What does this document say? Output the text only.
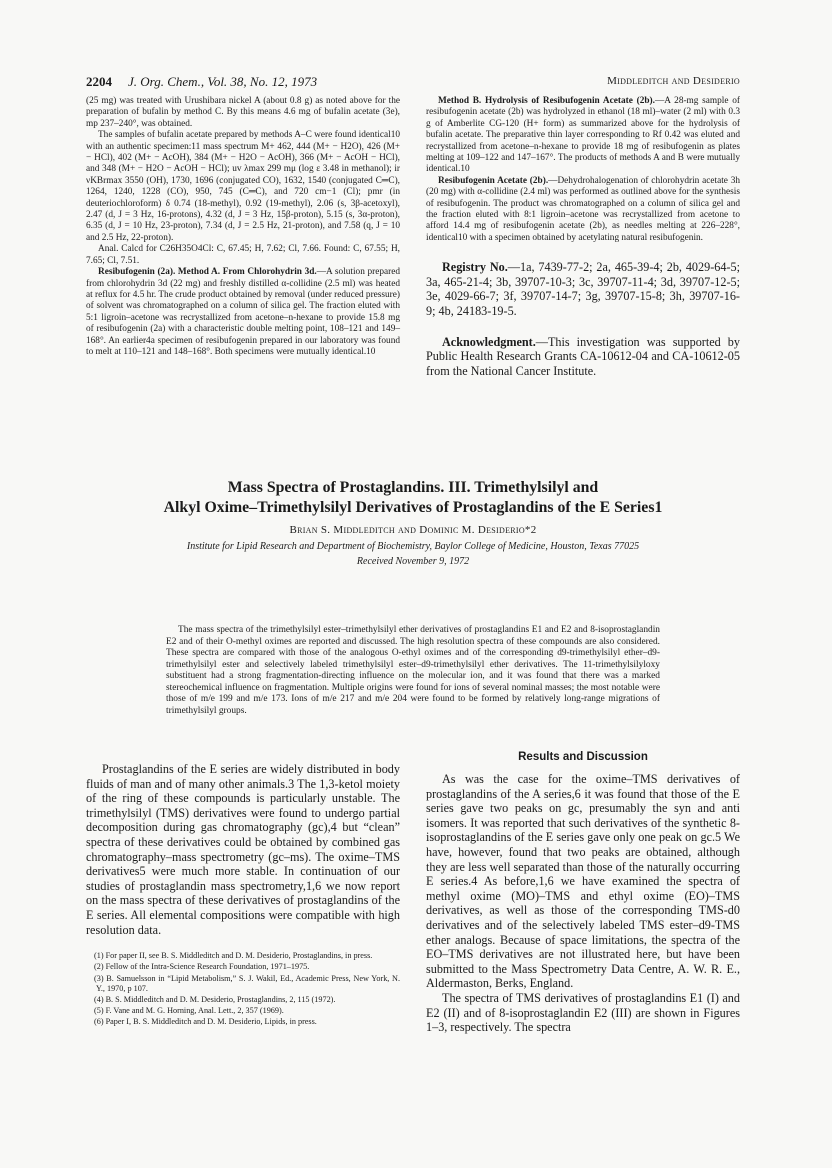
2204 J. Org. Chem., Vol. 38, No. 12, 1973	Middleditch and Desiderio

(25 mg) was treated with Urushibara nickel A (about 0.8 g) as noted above for the preparation of bufalin by method C. By this means 4.6 mg of bufalin acetate (3e), mp 237–240°, was obtained.

The samples of bufalin acetate prepared by methods A–C were found identical10 with an authentic specimen:11 mass spectrum M+ 462, 444 (M+ − H2O), 426 (M+ − HCl), 402 (M+ − AcOH), 384 (M+ − H2O − AcOH), 366 (M+ − AcOH − HCl), and 348 (M+ − H2O − AcOH − HCl); uv λmax 299 mμ (log ε 3.48 in methanol); ir νKBrmax 3550 (OH), 1730, 1696 (conjugated CO), 1632, 1540 (conjugated C═C), 1264, 1240, 1228 (CO), 950, 745 (C═C), and 720 cm−1 (Cl); pmr (in deuteriochloroform) δ 0.74 (18-methyl), 0.92 (19-methyl), 2.06 (s, 3β-acetoxyl), 2.47 (d, J = 3 Hz, 16-protons), 4.32 (d, J = 3 Hz, 15β-proton), 5.15 (s, 3α-proton), 6.35 (d, J = 10 Hz, 23-proton), 7.34 (d, J = 2.5 Hz, 21-proton), and 7.58 (q, J = 10 and 2.5 Hz, 22-proton).

Anal. Calcd for C26H35O4Cl: C, 67.45; H, 7.62; Cl, 7.66. Found: C, 67.55; H, 7.65; Cl, 7.51.

Resibufogenin (2a). Method A. From Chlorohydrin 3d.—A solution prepared from chlorohydrin 3d (22 mg) and freshly distilled α-collidine (2.5 ml) was heated at reflux for 4.5 hr. The crude product obtained by removal (under reduced pressure) of solvent was chromatographed on a column of silica gel. The fraction eluted with 5:1 ligroin–acetone was recrystallized from acetone–n-hexane to provide 15.8 mg of resibufogenin (2a) with a characteristic double melting point, 108–121 and 149–168°. An earlier4a specimen of resibufogenin prepared in our laboratory was found to melt at 110–121 and 148–168°. Both specimens were mutually identical.10

Method B. Hydrolysis of Resibufogenin Acetate (2b).—A 28-mg sample of resibufogenin acetate (2b) was hydrolyzed in ethanol (18 ml)–water (2 ml) with 0.3 g of Amberlite CG-120 (H+ form) as summarized above for the hydrolysis of bufalin acetate. The preparative thin layer corresponding to Rf 0.42 was eluted and recrystallized from acetone–n-hexane to provide 18 mg of resibufogenin as plates melting at 109–122 and 147–167°. The products of methods A and B were mutually identical.10

Resibufogenin Acetate (2b).—Dehydrohalogenation of chlorohydrin acetate 3h (20 mg) with α-collidine (2.4 ml) was performed as outlined above for the synthesis of resibufogenin. The product was chromatographed on a column of silica gel and the fraction eluted with 8:1 ligroin–acetone was recrystallized from acetone to afford 14.4 mg of resibufogenin acetate (2b), as needles melting at 226–228°, identical10 with a specimen obtained by acetylating natural resibufogenin.

Registry No.—1a, 7439-77-2; 2a, 465-39-4; 2b, 4029-64-5; 3a, 465-21-4; 3b, 39707-10-3; 3c, 39707-11-4; 3d, 39707-12-5; 3e, 4029-66-7; 3f, 39707-14-7; 3g, 39707-15-8; 3h, 39707-16-9; 4b, 24183-19-5.

Acknowledgment.—This investigation was supported by Public Health Research Grants CA-10612-04 and CA-10612-05 from the National Cancer Institute.

Mass Spectra of Prostaglandins. III. Trimethylsilyl and
Alkyl Oxime–Trimethylsilyl Derivatives of Prostaglandins of the E Series1
Brian S. Middleditch and Dominic M. Desiderio*2
Institute for Lipid Research and Department of Biochemistry, Baylor College of Medicine, Houston, Texas 77025
Received November 9, 1972
The mass spectra of the trimethylsilyl ester–trimethylsilyl ether derivatives of prostaglandins E1 and E2 and 8-isoprostaglandin E2 and of their O-methyl oximes are reported and discussed. The high resolution spectra of these compounds are also considered. These spectra are compared with those of the analogous O-ethyl oximes and of the corresponding d9-trimethylsilyl ether–d9-trimethylsilyl ester and selectively labeled trimethylsilyl ester–d9-trimethylsilyl ether derivatives. The 11-trimethylsilyloxy substituent had a strong fragmentation-directing influence on the molecular ion, and it was found that there was a marked stereochemical influence on fragmentation. Multiple origins were found for ions of several nominal masses; the most notable were those of m/e 199 and m/e 173. Ions of m/e 217 and m/e 204 were found to be formed by relatively long-range migrations of trimethylsilyl groups.

Prostaglandins of the E series are widely distributed in body fluids of man and of many other animals.3 The 1,3-ketol moiety of the ring of these compounds is particularly unstable. The trimethylsilyl (TMS) derivatives were found to undergo partial decomposition during gas chromatography (gc),4 but “clean” spectra of these derivatives could be obtained by combined gas chromatography–mass spectrometry (gc–ms). The oxime–TMS derivatives5 were much more stable. In continuation of our studies of prostaglandin mass spectrometry,1,6 we now report on the mass spectra of these derivatives of prostaglandins of the E series. All elemental compositions were compatible with high resolution data.

(1) For paper II, see B. S. Middleditch and D. M. Desiderio, Prostaglandins, in press.

(2) Fellow of the Intra-Science Research Foundation, 1971–1975.

(3) B. Samuelsson in “Lipid Metabolism,” S. J. Wakil, Ed., Academic Press, New York, N. Y., 1970, p 107.

(4) B. S. Middleditch and D. M. Desiderio, Prostaglandins, 2, 115 (1972).

(5) F. Vane and M. G. Horning, Anal. Lett., 2, 357 (1969).

(6) Paper I, B. S. Middleditch and D. M. Desiderio, Lipids, in press.

Results and Discussion

As was the case for the oxime–TMS derivatives of prostaglandins of the A series,6 it was found that those of the E series gave two peaks on gc, presumably the syn and anti isomers. It was reported that such derivatives of the synthetic 8-isoprostaglandins of the E series gave only one peak on gc.5 We have, however, found that two peaks are obtained, although they are less well separated than those of the naturally occurring E series.4 As before,1,6 we have examined the spectra of methyl oxime (MO)–TMS and ethyl oxime (EO)–TMS derivatives, as well as those of the corresponding TMS-d0 derivatives and of the selectively labeled TMS ester–d9-TMS ether analogs. Because of space limitations, the spectra of the EO–TMS derivatives are not illustrated here, but have been submitted to the Mass Spectrometry Data Centre, A. W. R. E., Aldermaston, Berks, England.

The spectra of TMS derivatives of prostaglandins E1 (I) and E2 (II) and of 8-isoprostaglandin E2 (III) are shown in Figures 1–3, respectively. The spectra
